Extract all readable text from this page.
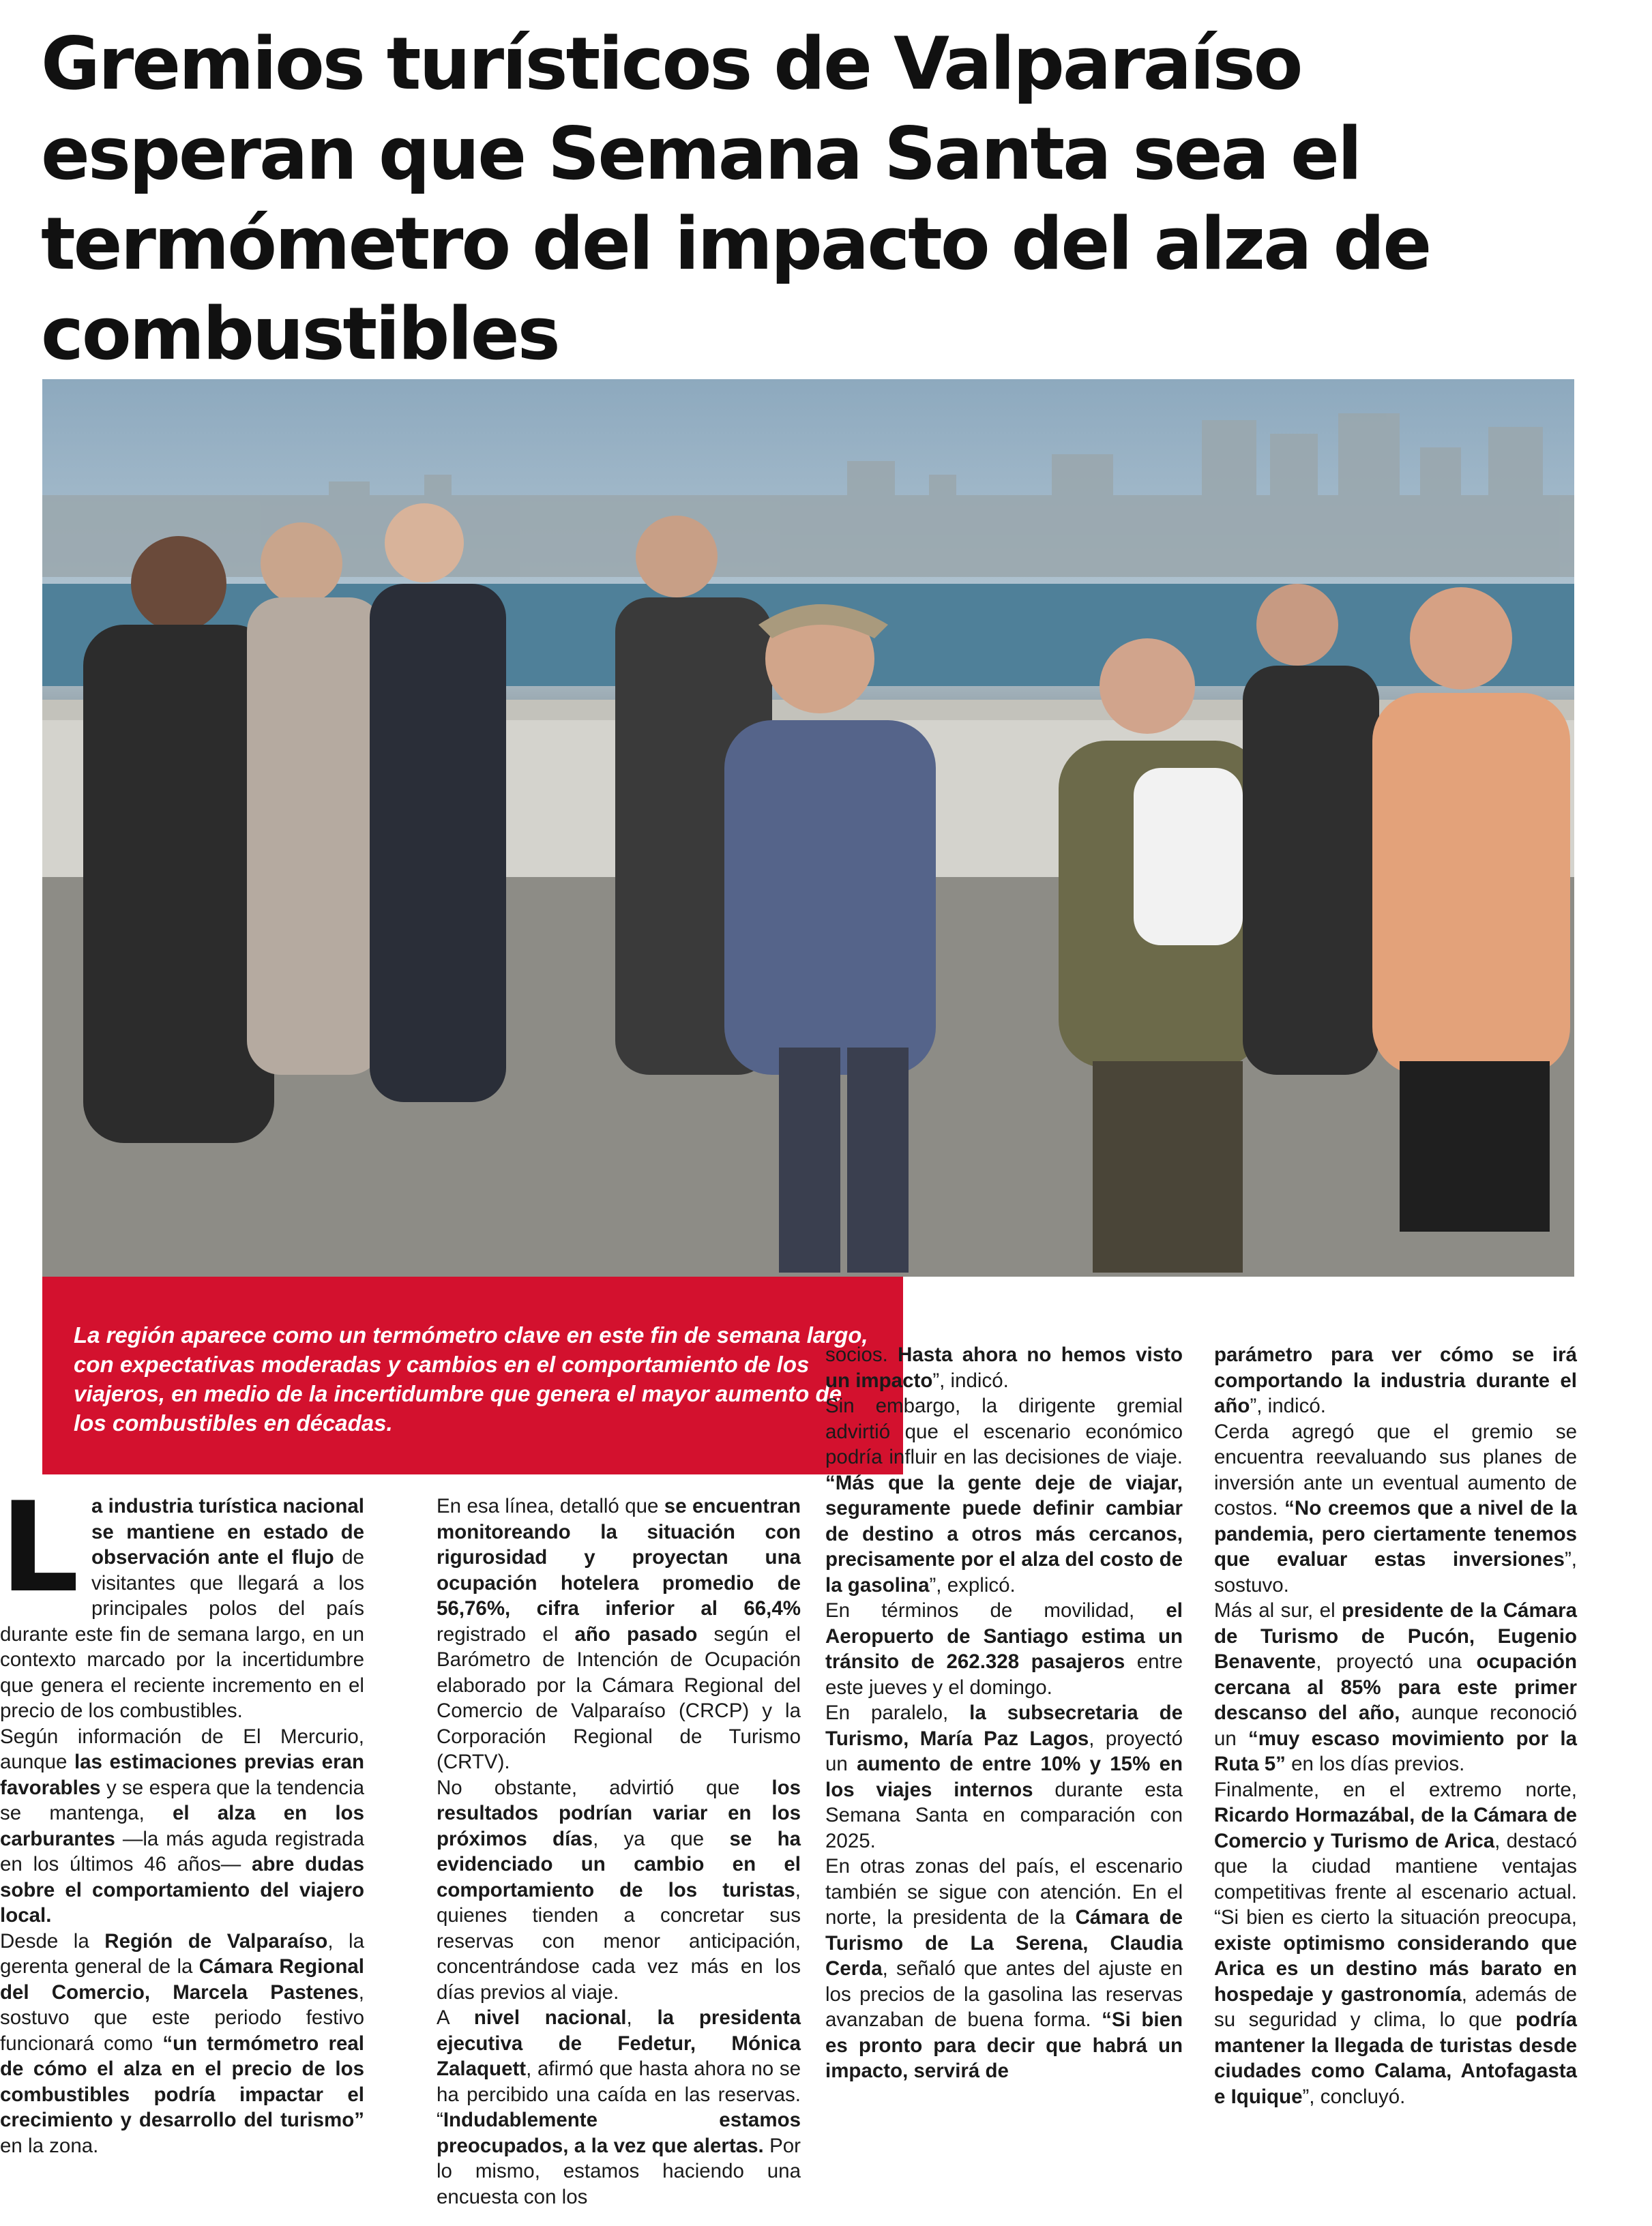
Gremios turísticos de Valparaíso esperan que Semana Santa sea el termómetro del impacto del alza de combustibles
La región aparece como un termómetro clave en este fin de semana largo, con expectativas moderadas y cambios en el comportamiento de los viajeros, en medio de la incertidumbre que genera el mayor aumento de los combustibles en décadas.
L a industria turística nacional se mantiene en estado de observación ante el flujo de visitantes que llegará a los principales polos del país durante este fin de semana largo, en un contexto marcado por la incertidumbre que genera el reciente incremento en el precio de los combustibles.

Según información de El Mercurio, aunque las estimaciones previas eran favorables y se espera que la tendencia se mantenga, el alza en los carburantes —la más aguda registrada en los últimos 46 años— abre dudas sobre el comportamiento del viajero local.

Desde la Región de Valparaíso, la gerenta general de la Cámara Regional del Comercio, Marcela Pastenes, sostuvo que este periodo festivo funcionará como “un termómetro real de cómo el alza en el precio de los combustibles podría impactar el crecimiento y desarrollo del turismo” en la zona.

En esa línea, detalló que se encuentran monitoreando la situación con rigurosidad y proyectan una ocupación hotelera promedio de 56,76%, cifra inferior al 66,4% registrado el año pasado según el Barómetro de Intención de Ocupación elaborado por la Cámara Regional del Comercio de Valparaíso (CRCP) y la Corporación Regional de Turismo (CRTV).

No obstante, advirtió que los resultados podrían variar en los próximos días, ya que se ha evidenciado un cambio en el comportamiento de los turistas, quienes tienden a concretar sus reservas con menor anticipación, concentrándose cada vez más en los días previos al viaje.

A nivel nacional, la presidenta ejecutiva de Fedetur, Mónica Zalaquett, afirmó que hasta ahora no se ha percibido una caída en las reservas. “Indudablemente estamos preocupados, a la vez que alertas. Por lo mismo, estamos haciendo una encuesta con los

socios. Hasta ahora no hemos visto un impacto”, indicó.

Sin embargo, la dirigente gremial advirtió que el escenario económico podría influir en las decisiones de viaje. “Más que la gente deje de viajar, seguramente puede definir cambiar de destino a otros más cercanos, precisamente por el alza del costo de la gasolina”, explicó.

En términos de movilidad, el Aeropuerto de Santiago estima un tránsito de 262.328 pasajeros entre este jueves y el domingo.

En paralelo, la subsecretaria de Turismo, María Paz Lagos, proyectó un aumento de entre 10% y 15% en los viajes internos durante esta Semana Santa en comparación con 2025.

En otras zonas del país, el escenario también se sigue con atención. En el norte, la presidenta de la Cámara de Turismo de La Serena, Claudia Cerda, señaló que antes del ajuste en los precios de la gasolina las reservas avanzaban de buena forma. “Si bien es pronto para decir que habrá un impacto, servirá de

parámetro para ver cómo se irá comportando la industria durante el año”, indicó.

Cerda agregó que el gremio se encuentra reevaluando sus planes de inversión ante un eventual aumento de costos. “No creemos que a nivel de la pandemia, pero ciertamente tenemos que evaluar estas inversiones”, sostuvo.

Más al sur, el presidente de la Cámara de Turismo de Pucón, Eugenio Benavente, proyectó una ocupación cercana al 85% para este primer descanso del año, aunque reconoció un “muy escaso movimiento por la Ruta 5” en los días previos.

Finalmente, en el extremo norte, Ricardo Hormazábal, de la Cámara de Comercio y Turismo de Arica, destacó que la ciudad mantiene ventajas competitivas frente al escenario actual. “Si bien es cierto la situación preocupa, existe optimismo considerando que Arica es un destino más barato en hospedaje y gastronomía, además de su seguridad y clima, lo que podría mantener la llegada de turistas desde ciudades como Calama, Antofagasta e Iquique”, concluyó.
